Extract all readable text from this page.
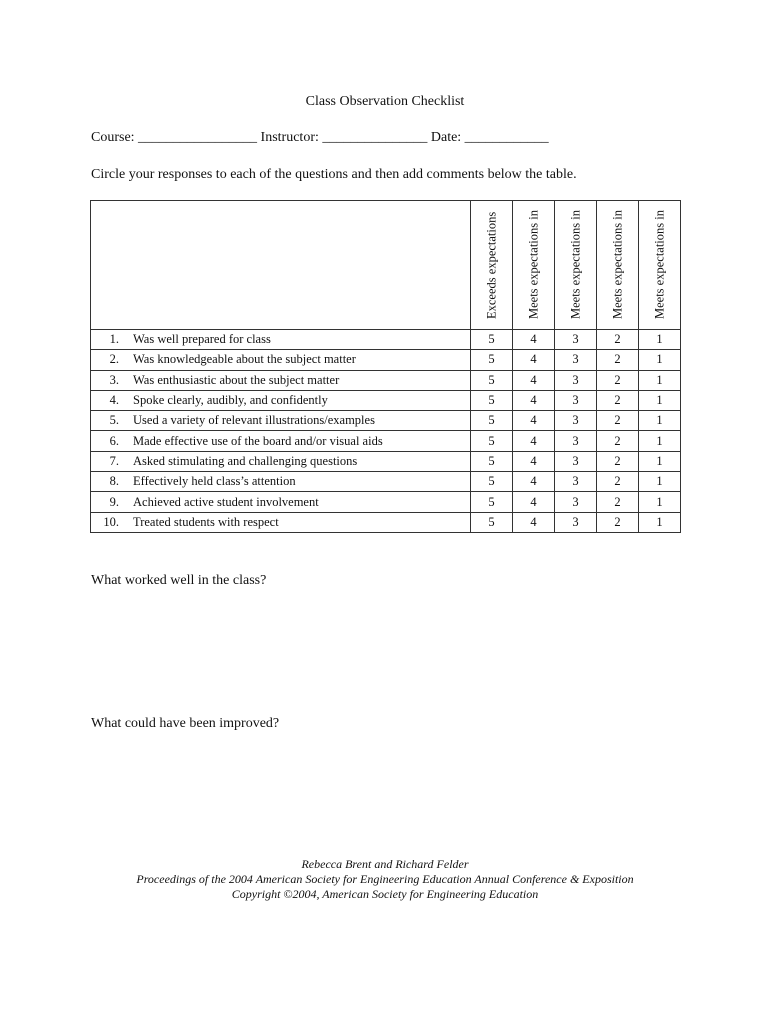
Class Observation Checklist
Course: _________________ Instructor: _______________ Date: ____________
Circle your responses to each of the questions and then add comments below the table.

	Exceeds expectations	Meets expectations in	Meets expectations in	Meets expectations in	Meets expectations in

1. Was well prepared for class	5	4	3	2	1
2. Was knowledgeable about the subject matter	5	4	3	2	1
3. Was enthusiastic about the subject matter	5	4	3	2	1
4. Spoke clearly, audibly, and confidently	5	4	3	2	1
5. Used a variety of relevant illustrations/examples	5	4	3	2	1
6. Made effective use of the board and/or visual aids	5	4	3	2	1
7. Asked stimulating and challenging questions	5	4	3	2	1
8. Effectively held class’s attention	5	4	3	2	1
9. Achieved active student involvement	5	4	3	2	1
10. Treated students with respect	5	4	3	2	1
What worked well in the class?
What could have been improved?
Rebecca Brent and Richard Felder
Proceedings of the 2004 American Society for Engineering Education Annual Conference & Exposition
Copyright ©2004, American Society for Engineering Education
